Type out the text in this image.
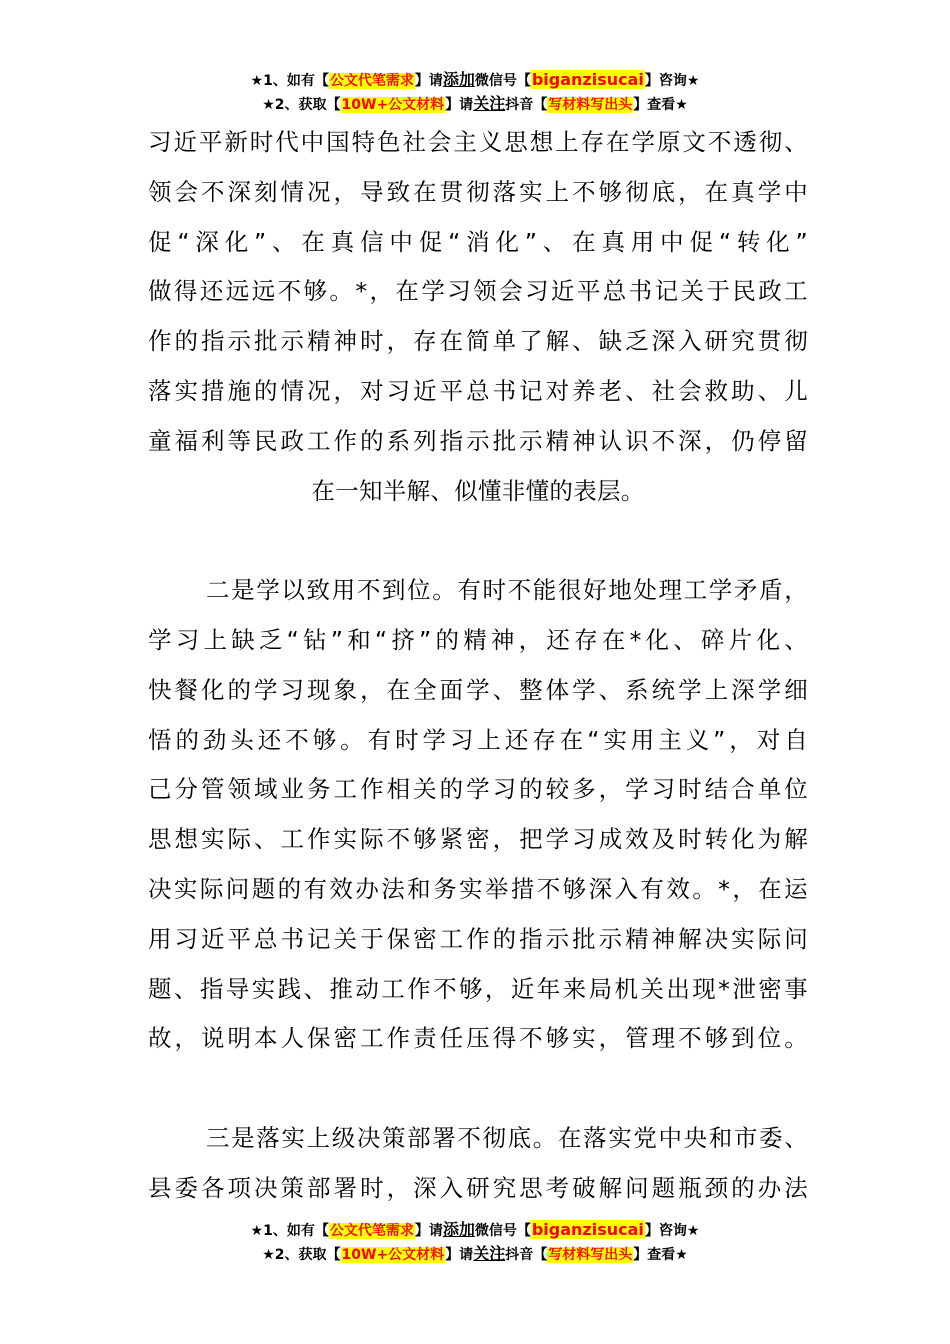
★1、如有【公文代笔需求】请添加微信号【biganzisucai】咨询★
★2、获取【10W+公文材料】请关注抖音【写材料写出头】查看★
习近平新时代中国特色社会主义思想上存在学原文不透彻、
领会不深刻情况，导致在贯彻落实上不够彻底，在真学中
促“深化”、在真信中促“消化”、在真用中促“转化”
做得还远远不够。*，在学习领会习近平总书记关于民政工
作的指示批示精神时，存在简单了解、缺乏深入研究贯彻
落实措施的情况，对习近平总书记对养老、社会救助、儿
童福利等民政工作的系列指示批示精神认识不深，仍停留
在一知半解、似懂非懂的表层。
二是学以致用不到位。有时不能很好地处理工学矛盾，
学习上缺乏“钻”和“挤”的精神，还存在*化、碎片化、
快餐化的学习现象，在全面学、整体学、系统学上深学细
悟的劲头还不够。有时学习上还存在“实用主义”，对自
己分管领域业务工作相关的学习的较多，学习时结合单位
思想实际、工作实际不够紧密，把学习成效及时转化为解
决实际问题的有效办法和务实举措不够深入有效。*，在运
用习近平总书记关于保密工作的指示批示精神解决实际问
题、指导实践、推动工作不够，近年来局机关出现*泄密事
故，说明本人保密工作责任压得不够实，管理不够到位。
三是落实上级决策部署不彻底。在落实党中央和市委、
县委各项决策部署时，深入研究思考破解问题瓶颈的办法
★1、如有【公文代笔需求】请添加微信号【biganzisucai】咨询★
★2、获取【10W+公文材料】请关注抖音【写材料写出头】查看★
